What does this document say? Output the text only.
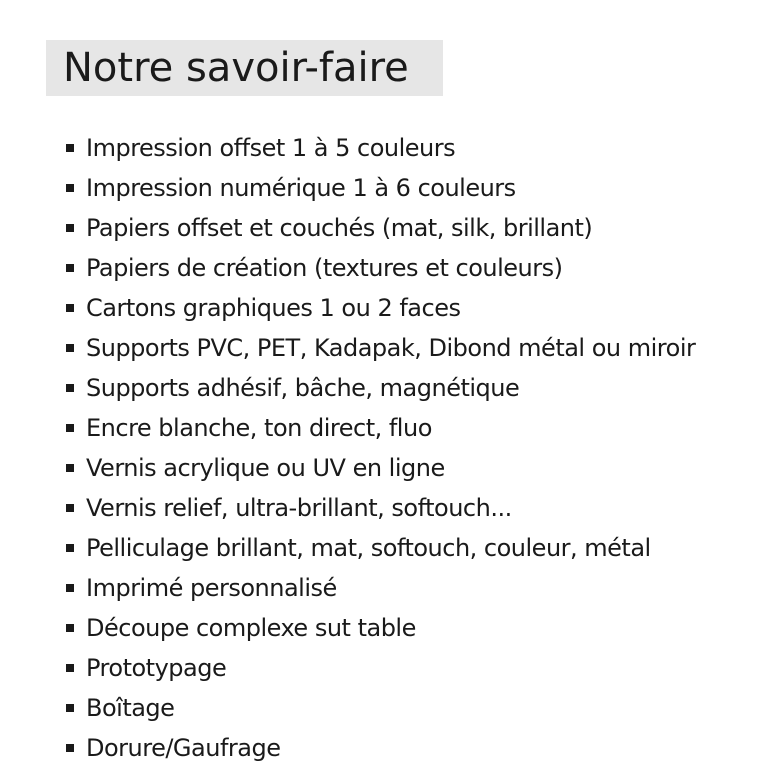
Notre savoir-faire
Impression offset 1 à 5 couleurs
Impression numérique 1 à 6 couleurs
Papiers offset et couchés (mat, silk, brillant)
Papiers de création (textures et couleurs)
Cartons graphiques 1 ou 2 faces
Supports PVC, PET, Kadapak, Dibond métal ou miroir
Supports adhésif, bâche, magnétique
Encre blanche, ton direct, fluo
Vernis acrylique ou UV en ligne
Vernis relief, ultra-brillant, softouch...
Pelliculage brillant, mat, softouch, couleur, métal
Imprimé personnalisé
Découpe complexe sut table
Prototypage
Boîtage
Dorure/Gaufrage
